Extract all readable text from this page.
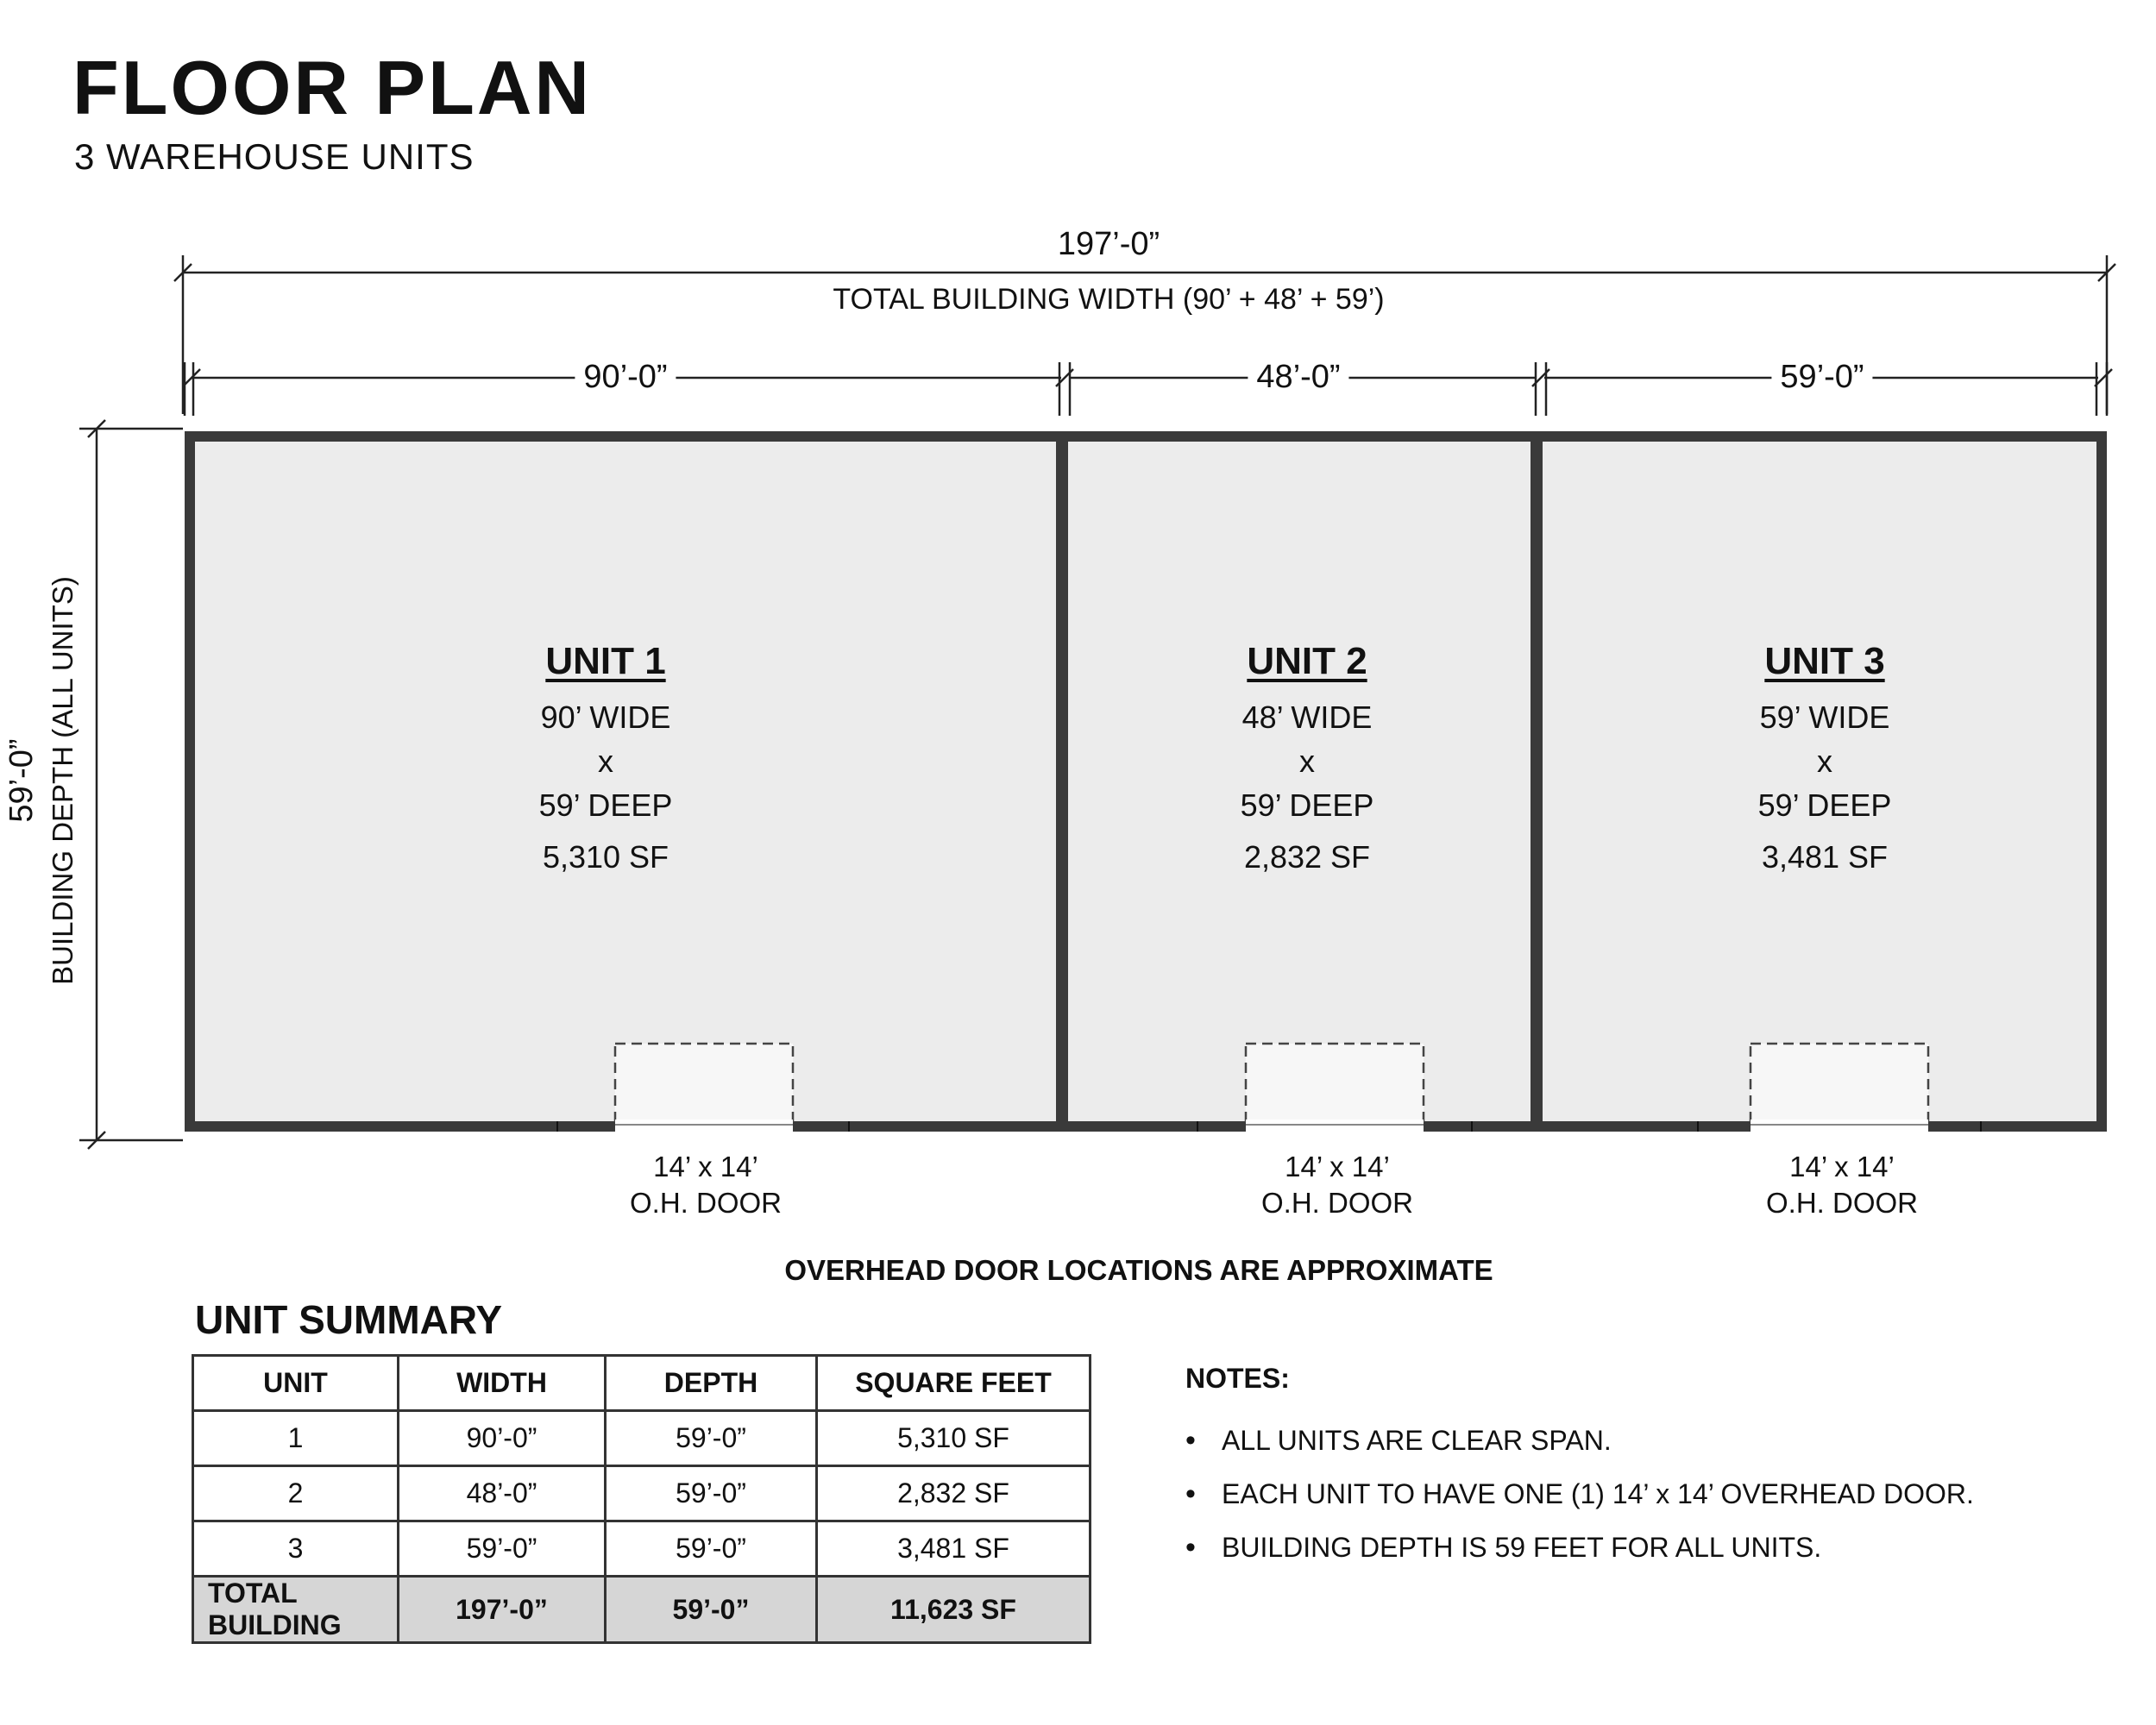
FLOOR PLAN
3 WAREHOUSE UNITS
197’-0”
TOTAL BUILDING WIDTH (90’ + 48’ + 59’)
90’-0”	48’-0”	59’-0”
59’-0” BUILDING DEPTH (ALL UNITS)	UNIT 1
90’ WIDE
x
59’ DEEP
5,310 SF
UNIT 2
48’ WIDE
x
59’ DEEP
2,832 SF
UNIT 3
59’ WIDE
x
59’ DEEP
3,481 SF
14’ x 14’
O.H. DOOR
14’ x 14’
O.H. DOOR
14’ x 14’
O.H. DOOR
OVERHEAD DOOR LOCATIONS ARE APPROXIMATE
UNIT SUMMARY
UNIT	WIDTH	DEPTH	SQUARE FEET
1	90’-0”	59’-0”	5,310 SF
2	48’-0”	59’-0”	2,832 SF
3	59’-0”	59’-0”	3,481 SF
TOTAL BUILDING	197’-0”	59’-0”	11,623 SF
NOTES:
• ALL UNITS ARE CLEAR SPAN.
• EACH UNIT TO HAVE ONE (1) 14’ x 14’ OVERHEAD DOOR.
• BUILDING DEPTH IS 59 FEET FOR ALL UNITS.
